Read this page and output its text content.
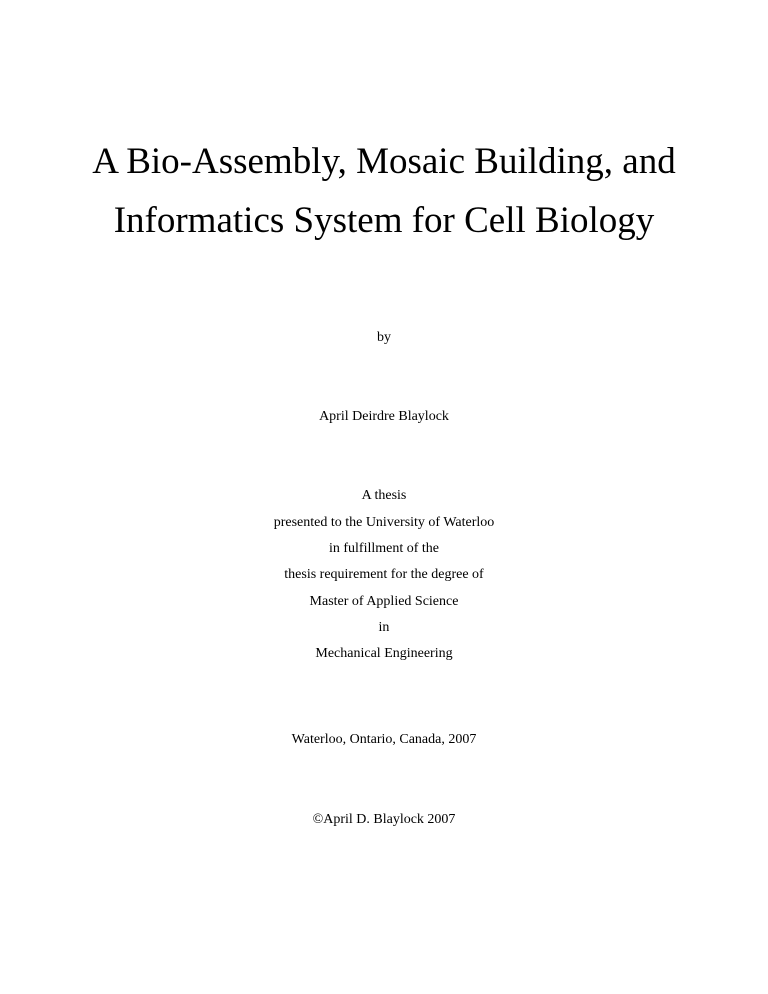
A Bio-Assembly, Mosaic Building, and
Informatics System for Cell Biology
by
April Deirdre Blaylock
A thesis
presented to the University of Waterloo
in fulfillment of the
thesis requirement for the degree of
Master of Applied Science
in
Mechanical Engineering
Waterloo, Ontario, Canada, 2007
©April D. Blaylock 2007
